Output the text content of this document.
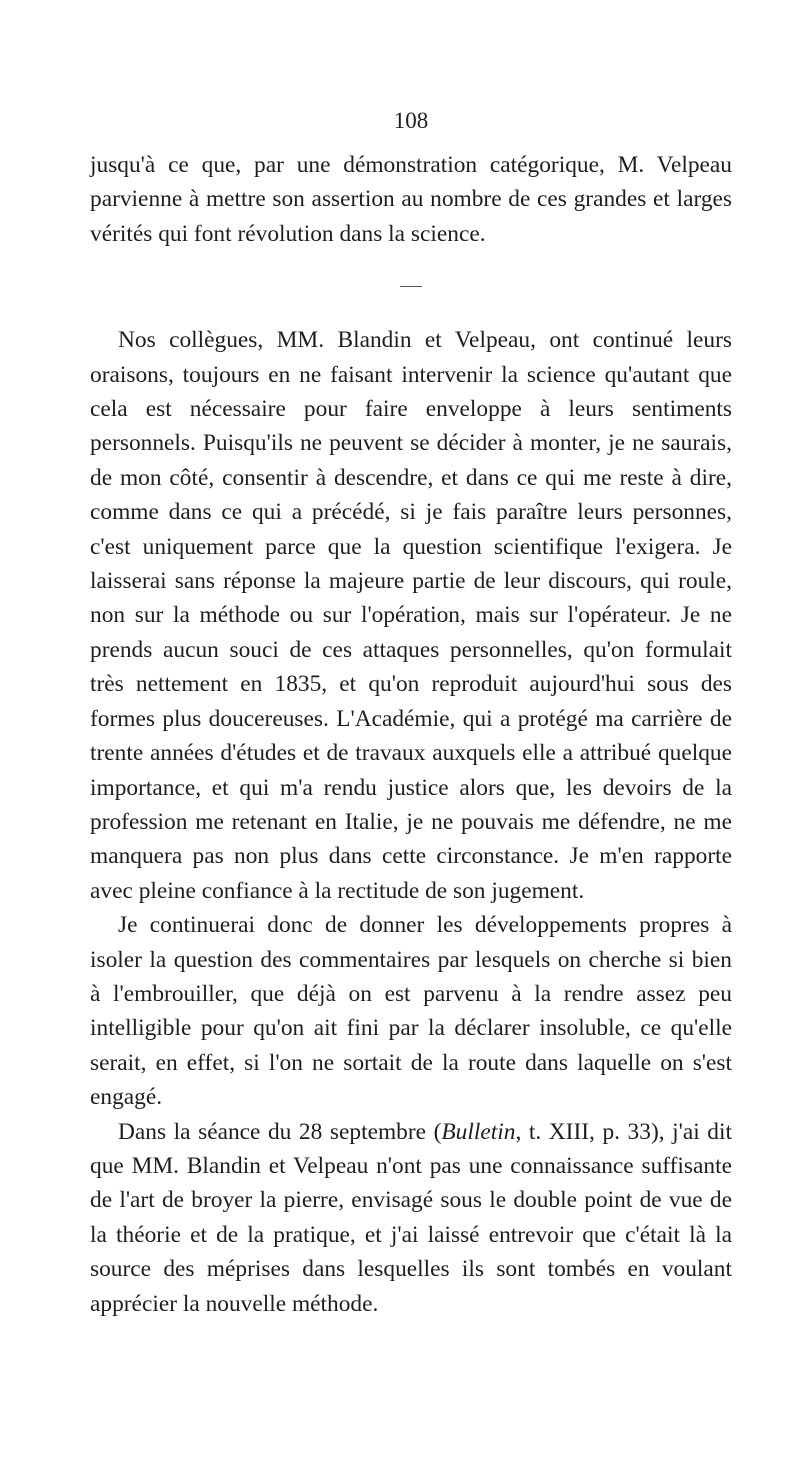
108

jusqu'à ce que, par une démonstration catégorique, M. Velpeau parvienne à mettre son assertion au nombre de ces grandes et larges vérités qui font révolution dans la science.

Nos collègues, MM. Blandin et Velpeau, ont continué leurs oraisons, toujours en ne faisant intervenir la science qu'autant que cela est nécessaire pour faire enveloppe à leurs sentiments personnels. Puisqu'ils ne peuvent se décider à monter, je ne saurais, de mon côté, consentir à descendre, et dans ce qui me reste à dire, comme dans ce qui a précédé, si je fais paraître leurs personnes, c'est uniquement parce que la question scientifique l'exigera. Je laisserai sans réponse la majeure partie de leur discours, qui roule, non sur la méthode ou sur l'opération, mais sur l'opérateur. Je ne prends aucun souci de ces attaques personnelles, qu'on formulait très nettement en 1835, et qu'on reproduit aujourd'hui sous des formes plus doucereuses. L'Académie, qui a protégé ma carrière de trente années d'études et de travaux auxquels elle a attribué quelque importance, et qui m'a rendu justice alors que, les devoirs de la profession me retenant en Italie, je ne pouvais me défendre, ne me manquera pas non plus dans cette circonstance. Je m'en rapporte avec pleine confiance à la rectitude de son jugement.

Je continuerai donc de donner les développements propres à isoler la question des commentaires par lesquels on cherche si bien à l'embrouiller, que déjà on est parvenu à la rendre assez peu intelligible pour qu'on ait fini par la déclarer insoluble, ce qu'elle serait, en effet, si l'on ne sortait de la route dans laquelle on s'est engagé.

Dans la séance du 28 septembre (Bulletin, t. XIII, p. 33), j'ai dit que MM. Blandin et Velpeau n'ont pas une connaissance suffisante de l'art de broyer la pierre, envisagé sous le double point de vue de la théorie et de la pratique, et j'ai laissé entrevoir que c'était là la source des méprises dans lesquelles ils sont tombés en voulant apprécier la nouvelle méthode.
